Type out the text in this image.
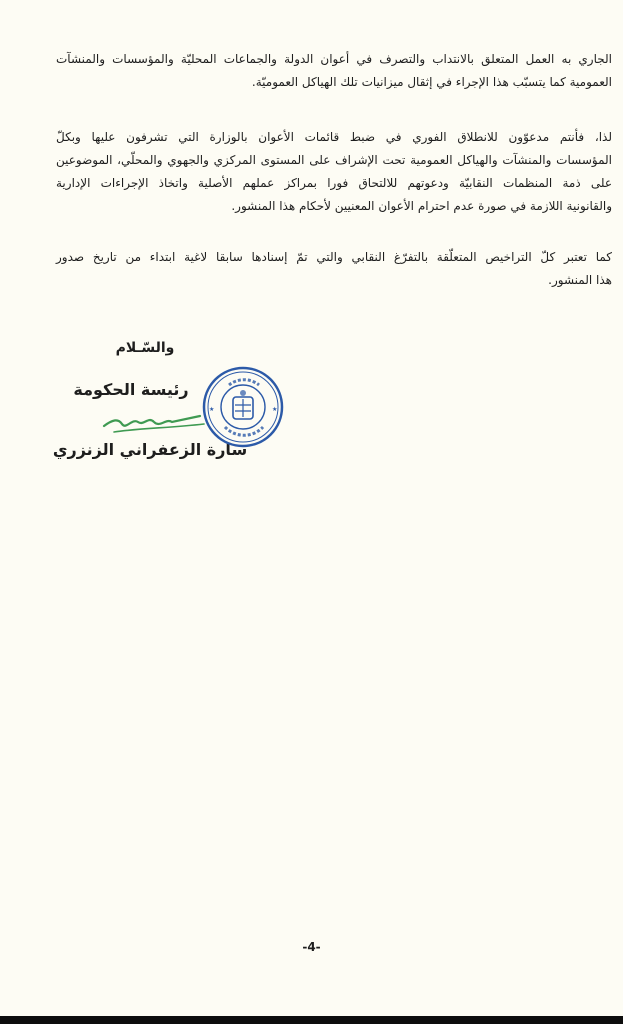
الجاري به العمل المتعلق بالانتداب والتصرف في أعوان الدولة والجماعات المحليّة والمؤسسات والمنشآت
العمومية كما يتسبّب هذا الإجراء في إثقال ميزانيات تلك الهياكل العموميّة.

لذا، فأنتم مدعوّون للانطلاق الفوري في ضبط قائمات الأعوان بالوزارة التي تشرفون عليها وبكلّ
المؤسسات والمنشآت والهياكل العمومية تحت الإشراف على المستوى المركزي والجهوي والمحلّي، الموضوعين
على ذمة المنظمات النقابيّة ودعوتهم للالتحاق فورا بمراكز عملهم الأصلية واتخاذ الإجراءات الإدارية
والقانونية اللازمة في صورة عدم احترام الأعوان المعنيين لأحكام هذا المنشور.

كما تعتبر كلّ التراخيص المتعلّقة بالتفرّغ النقابي والتي تمّ إسنادها سابقا لاغية ابتداء من تاريخ صدور
هذا المنشور.

والسّـلام
رئيسة الحكومة
سارة الزعفراني الزنزري
★	★
-4-
